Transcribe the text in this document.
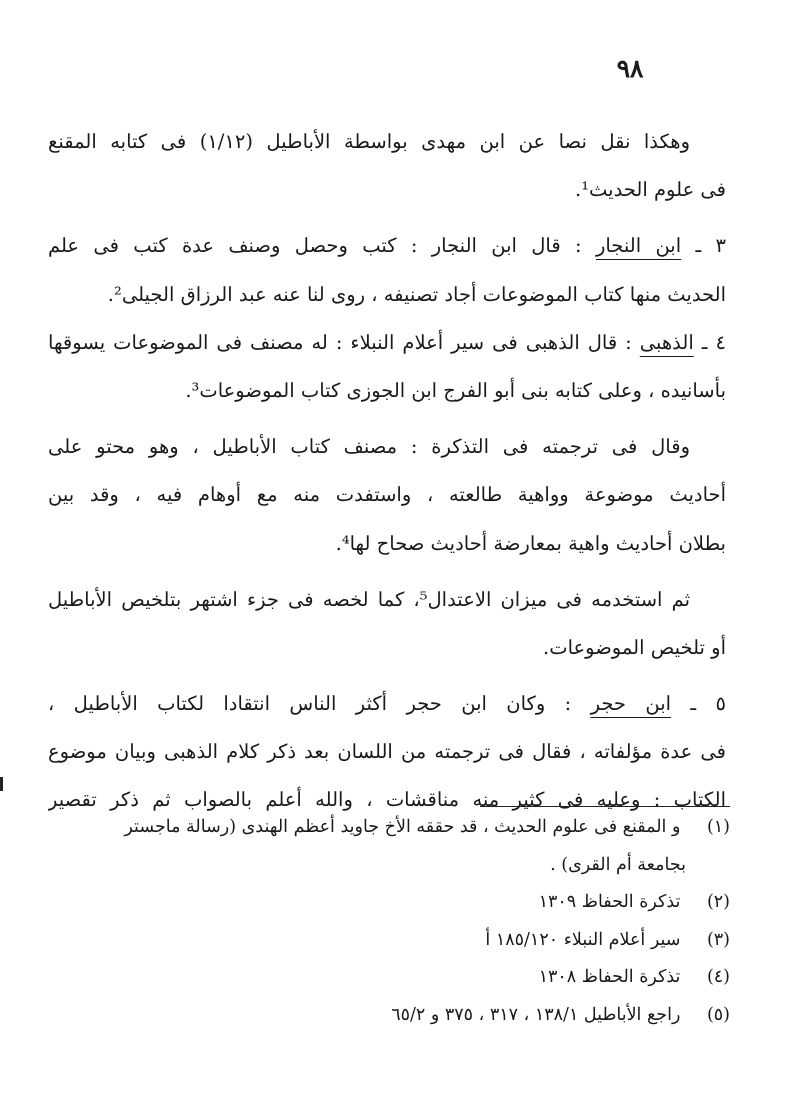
٩٨
وهكذا نقل نصا عن ابن مهدى بواسطة الأباطيل (١/١٢) فى كتابه المقنع
فى علوم الحديث¹.
٣ ـ ابن النجار : قال ابن النجار : كتب وحصل وصنف عدة كتب فى علم
الحديث منها كتاب الموضوعات أجاد تصنيفه ، روى لنا عنه عبد الرزاق الجيلى².
٤ ـ الذهبى : قال الذهبى فى سير أعلام النبلاء : له مصنف فى الموضوعات يسوقها
بأسانيده ، وعلى كتابه بنى أبو الفرج ابن الجوزى كتاب الموضوعات³.
وقال فى ترجمته فى التذكرة : مصنف كتاب الأباطيل ، وهو محتو على
أحاديث موضوعة وواهية طالعته ، واستفدت منه مع أوهام فيه ، وقد بين
بطلان أحاديث واهية بمعارضة أحاديث صحاح لها⁴.
ثم استخدمه فى ميزان الاعتدال⁵، كما لخصه فى جزء اشتهر بتلخيص الأباطيل
أو تلخيص الموضوعات.
٥ ـ ابن حجر : وكان ابن حجر أكثر الناس انتقادا لكتاب الأباطيل ،
فى عدة مؤلفاته ، فقال فى ترجمته من اللسان بعد ذكر كلام الذهبى وبيان موضوع
الكتاب : وعليه فى كثير منه مناقشات ، والله أعلم بالصواب ثم ذكر تقصير
(١) و المقنع فى علوم الحديث ، قد حققه الأخ جاويد أعظم الهندى (رسالة ماجستر
بجامعة أم القرى) .
(٢) تذكرة الحفاظ ١٣٠٩
(٣) سير أعلام النبلاء ١٨٥/١٢٠ أ
(٤) تذكرة الحفاظ ١٣٠٨
(٥) راجع الأباطيل ١٣٨/١ ، ٣١٧ ، ٣٧٥ و ٦٥/٢
